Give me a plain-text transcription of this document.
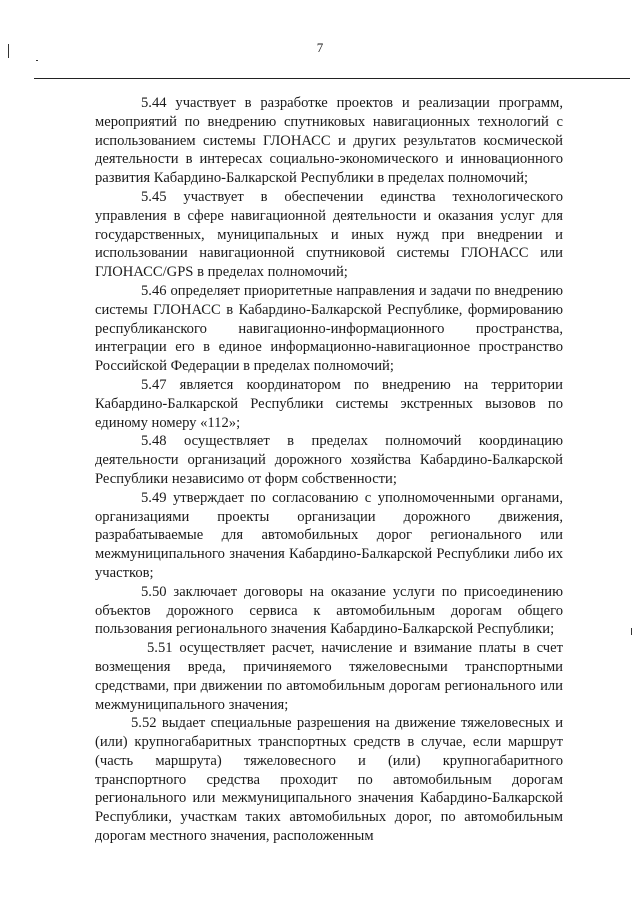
7

5.44 участвует в разработке проектов и реализации программ, мероприятий по внедрению спутниковых навигационных технологий с использованием системы ГЛОНАСС и других результатов космической деятельности в интересах социально-экономического и инновационного развития Кабардино-Балкарской Республики в пределах полномочий;

5.45 участвует в обеспечении единства технологического управления в сфере навигационной деятельности и оказания услуг для государственных, муниципальных и иных нужд при внедрении и использовании навигационной спутниковой системы ГЛОНАСС или ГЛОНАСС/GPS в пределах полномочий;

5.46 определяет приоритетные направления и задачи по внедрению системы ГЛОНАСС в Кабардино-Балкарской Республике, формированию республиканского навигационно-информационного пространства, интеграции его в единое информационно-навигационное пространство Российской Федерации в пределах полномочий;

5.47 является координатором по внедрению на территории Кабардино-Балкарской Республики системы экстренных вызовов по единому номеру «112»;

5.48 осуществляет в пределах полномочий координацию деятельности организаций дорожного хозяйства Кабардино-Балкарской Республики независимо от форм собственности;

5.49 утверждает по согласованию с уполномоченными органами, организациями проекты организации дорожного движения, разрабатываемые для автомобильных дорог регионального или межмуниципального значения Кабардино-Балкарской Республики либо их участков;

5.50 заключает договоры на оказание услуги по присоединению объектов дорожного сервиса к автомобильным дорогам общего пользования регионального значения Кабардино-Балкарской Республики;

5.51 осуществляет расчет, начисление и взимание платы в счет возмещения вреда, причиняемого тяжеловесными транспортными средствами, при движении по автомобильным дорогам регионального или межмуниципального значения;

5.52 выдает специальные разрешения на движение тяжеловесных и (или) крупногабаритных транспортных средств в случае, если маршрут (часть маршрута) тяжеловесного и (или) крупногабаритного транспортного средства проходит по автомобильным дорогам регионального или межмуниципального значения Кабардино-Балкарской Республики, участкам таких автомобильных дорог, по автомобильным дорогам местного значения, расположенным
